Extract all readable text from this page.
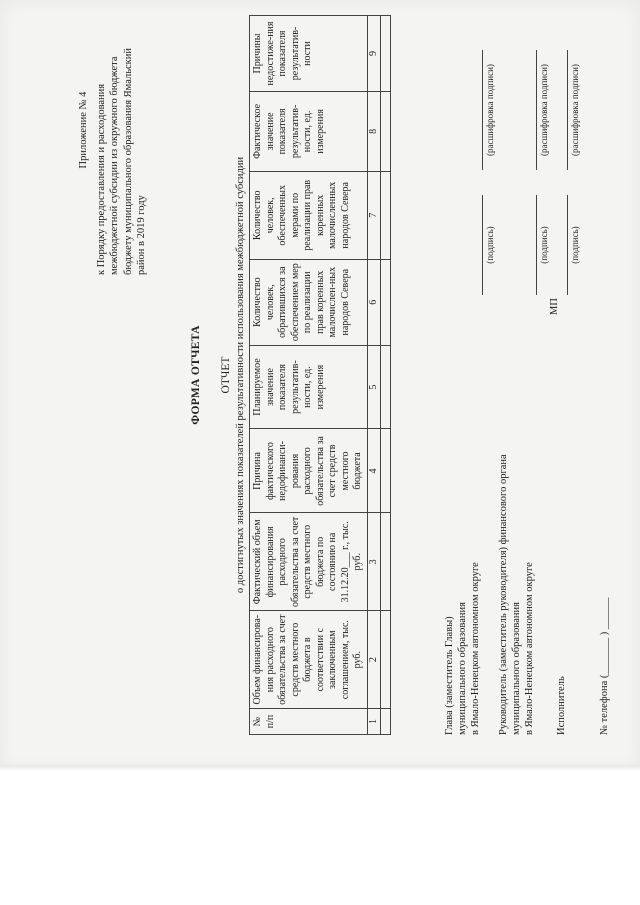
Приложение № 4 к Порядку предоставления и расходования межбюджетной субсидии из окружного бюджета бюджету муниципального образования Ямальский район в 2019 году
ФОРМА ОТЧЕТА ОТЧЕТ о достигнутых значениях показателей результативности использования межбюджетной субсидии
№ п/п	Объем финансирова-ния расходного обязательства за счет средств местного бюджета в соответствии с заключенным соглашением, тыс. руб.	Фактический объем финансирования расходного обязательства за счет средств местного бюджета по состоянию на 31.12.20___ г., тыс. руб.	Причина фактического недофинанси-рования расходного обязательства за счет средств местного бюджета	Планируемое значение показателя результатив-ности, ед. измерения	Количество человек, обратившихся за обеспечением мер по реализации прав коренных малочислен-ных народов Севера	Количество человек, обеспеченных мерами по реализации прав коренных малочисленных народов Севера	Фактическое значение показателя результатив-ности, ед. измерения	Причины недостиже-ния показателя результатив-ности
1	2	3	4	5	6	7	8	9

Глава (заместитель Главы) муниципального образования в Ямало-Ненецком автономном округе
(подпись)
(расшифровка подписи)
Руководитель (заместитель руководителя) финансового органа муниципального образования в Ямало-Ненецком автономном округе
(подпись)
(расшифровка подписи)
МП
Исполнитель
(подпись)
(расшифровка подписи)
№ телефона (_______ ) ______
